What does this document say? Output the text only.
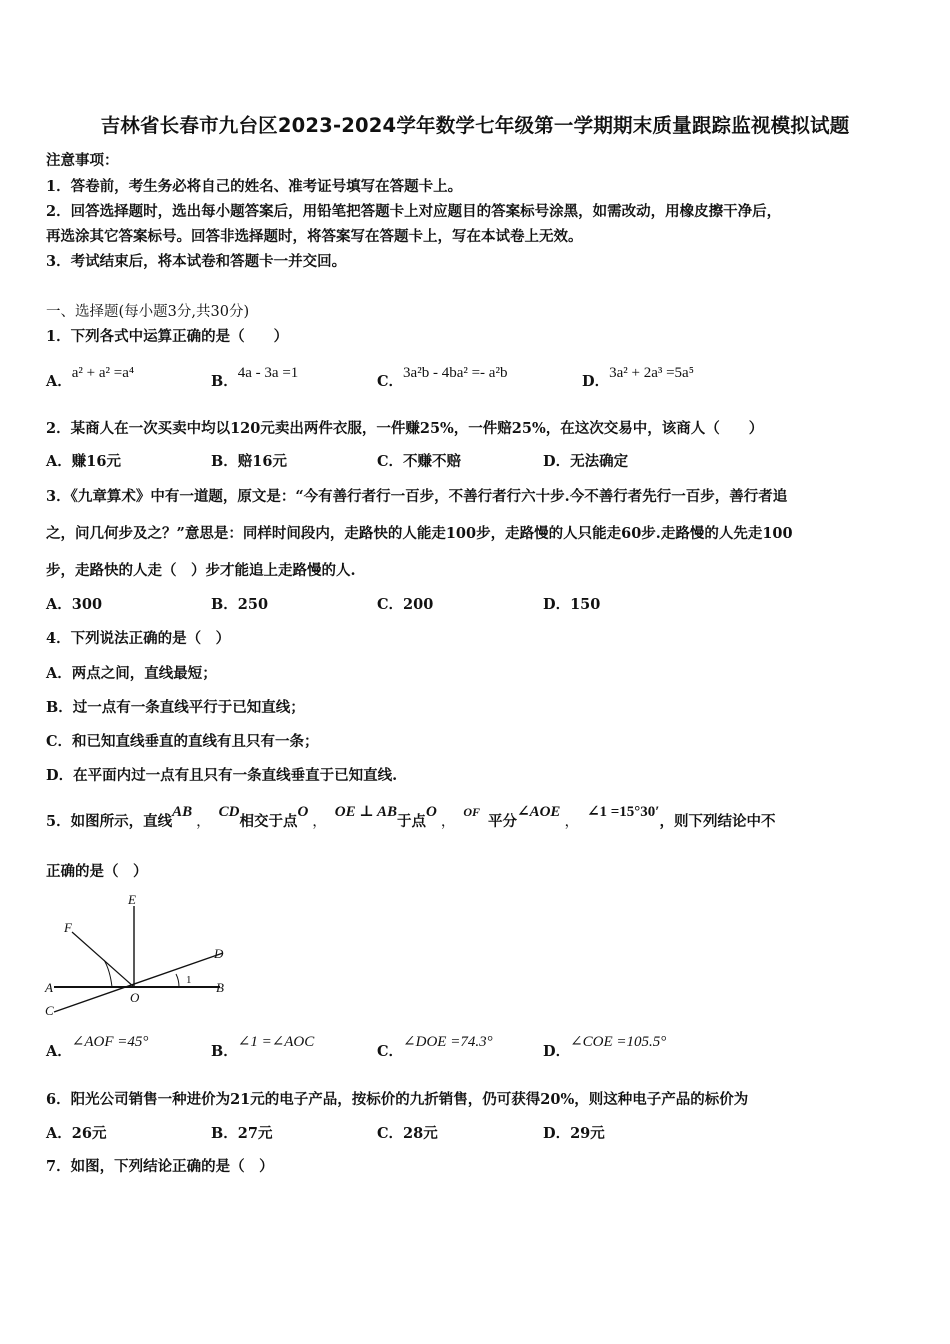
吉林省长春市九台区2023-2024学年数学七年级第一学期期末质量跟踪监视模拟试题
注意事项：
1．答卷前，考生务必将自己的姓名、准考证号填写在答题卡上。
2．回答选择题时，选出每小题答案后，用铅笔把答题卡上对应题目的答案标号涂黑，如需改动，用橡皮擦干净后，
再选涂其它答案标号。回答非选择题时，将答案写在答题卡上，写在本试卷上无效。
3．考试结束后，将本试卷和答题卡一并交回。
一、选择题(每小题3分,共30分)
1．下列各式中运算正确的是（　　）
A．a² + a² =a⁴	B．4a - 3a =1	C．3a²b - 4ba² =- a²b	D．3a² + 2a³ =5a⁵
2．某商人在一次买卖中均以120元卖出两件衣服，一件赚25%，一件赔25%，在这次交易中，该商人（　　）
A．赚16元	B．赔16元	C．不赚不赔	D．无法确定
3．《九章算术》中有一道题，原文是：“今有善行者行一百步，不善行者行六十步.今不善行者先行一百步，善行者追
之，问几何步及之？”意思是：同样时间段内，走路快的人能走100步，走路慢的人只能走60步.走路慢的人先走100
步，走路快的人走（　）步才能追上走路慢的人.
A．300	B．250	C．200	D．150
4．下列说法正确的是（　）
A．两点之间，直线最短；
B．过一点有一条直线平行于已知直线；
C．和已知直线垂直的直线有且只有一条；
D．在平面内过一点有且只有一条直线垂直于已知直线.
5．如图所示，直线AB，CD相交于点O，OE ⊥ AB于点O，$^{OF}$平分∠AOE，∠1 =15°30′，则下列结论中不
正确的是（　）
E
F
D
A
O
B
C
1
A．∠AOF =45°
B．∠1 =∠AOC
C．∠DOE =74.3°
D．∠COE =105.5°
6．阳光公司销售一种进价为21元的电子产品，按标价的九折销售，仍可获得20%，则这种电子产品的标价为
A．26元	B．27元	C．28元	D．29元
7．如图，下列结论正确的是（　）
